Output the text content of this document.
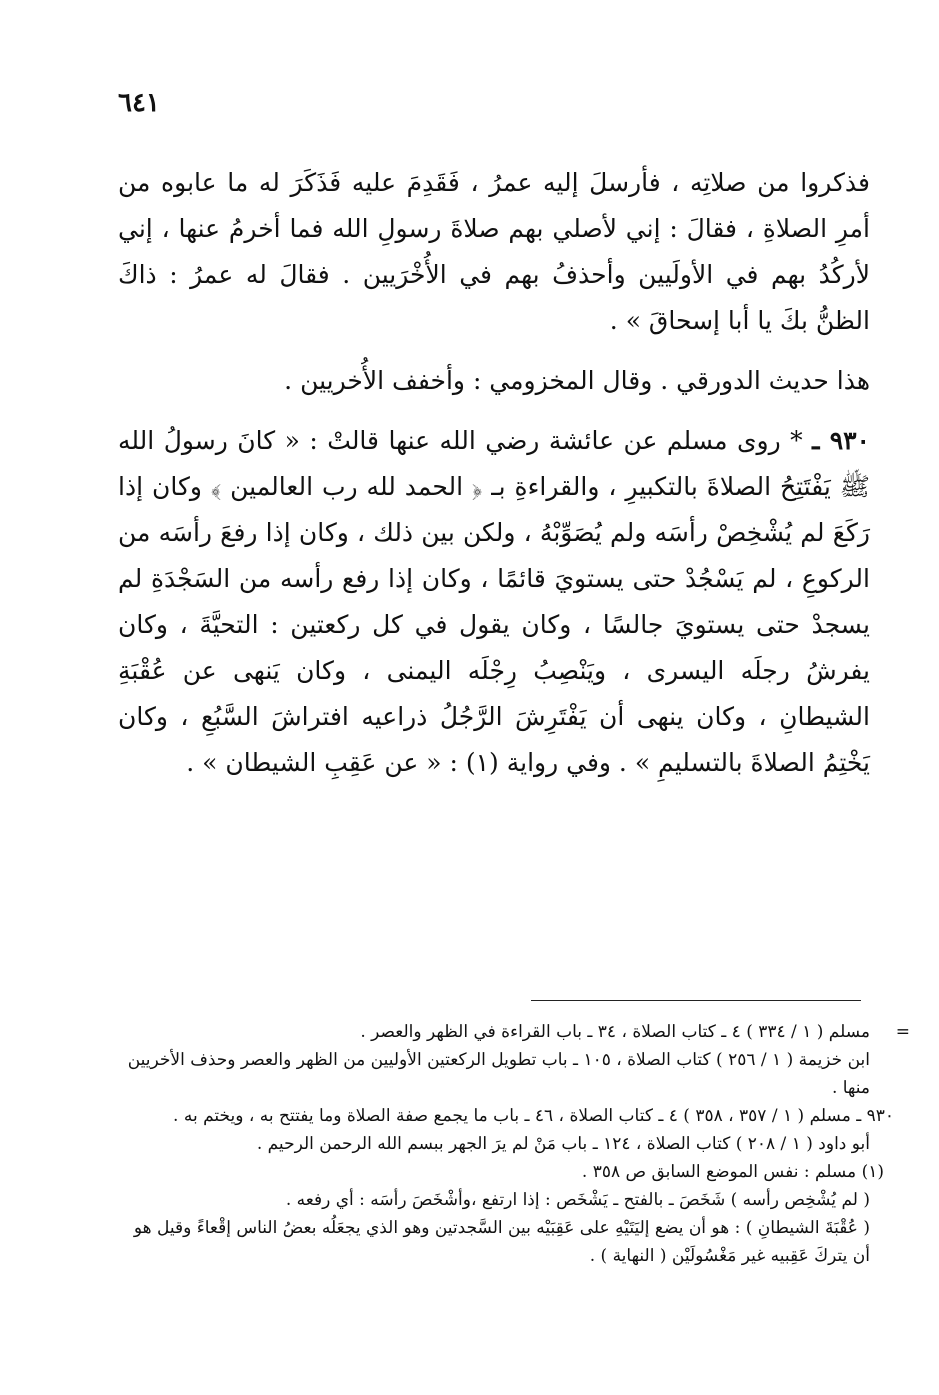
٦٤١

فذكروا من صلاتِه ، فأرسلَ إليه عمرُ ، فَقَدِمَ عليه فَذَكَرَ له ما عابوه من أمرِ الصلاةِ ، فقالَ : إني لأصلي بهم صلاةَ رسولِ الله فما أخرمُ عنها ، إني لأركُدُ بهم في الأولَيين وأحذفُ بهم في الأُخْرَيين . فقالَ له عمرُ : ذاكَ الظنُّ بكَ يا أبا إسحاقَ » .

هذا حديث الدورقي . وقال المخزومي : وأخفف الأُخريين .

٩٣٠ ـ * روى مسلم عن عائشة رضي الله عنها قالتْ : « كانَ رسولُ الله ﷺ يَفْتَتِحُ الصلاةَ بالتكبيرِ ، والقراءةِ بـ ﴿ الحمد لله رب العالمين ﴾ وكان إذا رَكَعَ لم يُشْخِصْ رأسَه ولم يُصَوِّبْهُ ، ولكن بين ذلك ، وكان إذا رفعَ رأسَه من الركوعِ ، لم يَسْجُدْ حتى يستويَ قائمًا ، وكان إذا رفع رأسه من السَجْدَةِ لم يسجدْ حتى يستويَ جالسًا ، وكان يقول في كل ركعتين : التحيَّةَ ، وكان يفرشُ رجلَه اليسرى ، ويَنْصِبُ رِجْلَه اليمنى ، وكان يَنهى عن عُقْبَةِ الشيطانِ ، وكان ينهى أن يَفْتَرِشَ الرَّجُلُ ذراعيه افتراشَ السَّبُعِ ، وكان يَخْتِمُ الصلاةَ بالتسليمِ » . وفي رواية (١) : « عن عَقِبِ الشيطان » .

=
مسلم ( ١ / ٣٣٤ ) ٤ ـ كتاب الصلاة ، ٣٤ ـ باب القراءة في الظهر والعصر .
ابن خزيمة ( ١ / ٢٥٦ ) كتاب الصلاة ، ١٠٥ ـ باب تطويل الركعتين الأوليين من الظهر والعصر وحذف الأخريين منها .
٩٣٠ ـ مسلم ( ١ / ٣٥٧ ، ٣٥٨ ) ٤ ـ كتاب الصلاة ، ٤٦ ـ باب ما يجمع صفة الصلاة وما يفتتح به ، ويختم به .
أبو داود ( ١ / ٢٠٨ ) كتاب الصلاة ، ١٢٤ ـ باب مَنْ لم يرَ الجهر ببسم الله الرحمن الرحيم .
(١) مسلم : نفس الموضع السابق ص ٣٥٨ .
( لم يُشْخِص رأسه ) شَخَصَ ـ بالفتح ـ يَشْخَص : إذا ارتفع ،وأشْخَصَ رأسَه : أي رفعه .
( عُقْبَةَ الشيطانِ ) : هو أن يضع إليَتَيْهِ على عَقِبَيْه بين السَّجدتين وهو الذي يجعَلُه بعضُ الناس إقْعاءً وقيل هو أن يتركَ عَقِبيه غير مَغْسُولَيْن ( النهاية ) .
